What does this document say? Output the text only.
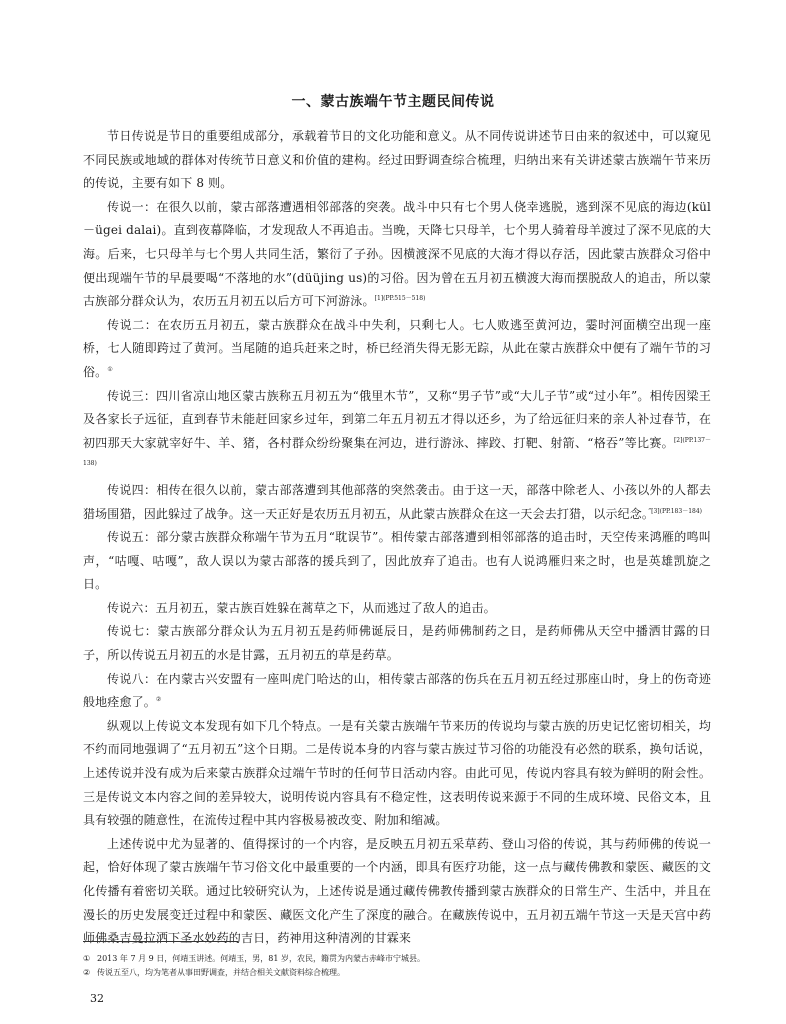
一、蒙古族端午节主题民间传说

节日传说是节日的重要组成部分，承载着节日的文化功能和意义。从不同传说讲述节日由来的叙述中，可以窥见不同民族或地域的群体对传统节日意义和价值的建构。经过田野调查综合梳理，归纳出来有关讲述蒙古族端午节来历的传说，主要有如下 8 则。

传说一：在很久以前，蒙古部落遭遇相邻部落的突袭。战斗中只有七个男人侥幸逃脱，逃到深不见底的海边(kül－ügei dalai)。直到夜幕降临，才发现敌人不再追击。当晚，天降七只母羊，七个男人骑着母羊渡过了深不见底的大海。后来，七只母羊与七个男人共同生活，繁衍了子孙。因横渡深不见底的大海才得以存活，因此蒙古族群众习俗中便出现端午节的早晨要喝“不落地的水”(düüjing us)的习俗。因为曾在五月初五横渡大海而摆脱敌人的追击，所以蒙古族部分群众认为，农历五月初五以后方可下河游泳。$^{[1](PP.515-518)}$

传说二：在农历五月初五，蒙古族群众在战斗中失利，只剩七人。七人败逃至黄河边，霎时河面横空出现一座桥，七人随即跨过了黄河。当尾随的追兵赶来之时，桥已经消失得无影无踪，从此在蒙古族群众中便有了端午节的习俗。①

传说三：四川省凉山地区蒙古族称五月初五为“俄里木节”，又称“男子节”或“大儿子节”或“过小年”。相传因梁王及各家长子远征，直到春节未能赶回家乡过年，到第二年五月初五才得以还乡，为了给远征归来的亲人补过春节，在初四那天大家就宰好牛、羊、猪，各村群众纷纷聚集在河边，进行游泳、摔跤、打靶、射箭、“格吞”等比赛。$^{[2](PP.137-138)}$

传说四：相传在很久以前，蒙古部落遭到其他部落的突然袭击。由于这一天，部落中除老人、小孩以外的人都去猎场围猎，因此躲过了战争。这一天正好是农历五月初五，从此蒙古族群众在这一天会去打猎，以示纪念。$^{”[3](PP.183-184)}$

传说五：部分蒙古族群众称端午节为五月“耽误节”。相传蒙古部落遭到相邻部落的追击时，天空传来鸿雁的鸣叫声，“咕嘎、咕嘎”，敌人误以为蒙古部落的援兵到了，因此放弃了追击。也有人说鸿雁归来之时，也是英雄凯旋之日。

传说六：五月初五，蒙古族百姓躲在蒿草之下，从而逃过了敌人的追击。

传说七：蒙古族部分群众认为五月初五是药师佛诞辰日，是药师佛制药之日，是药师佛从天空中播洒甘露的日子，所以传说五月初五的水是甘露，五月初五的草是药草。

传说八：在内蒙古兴安盟有一座叫虎门哈达的山，相传蒙古部落的伤兵在五月初五经过那座山时，身上的伤奇迹般地痊愈了。②

纵观以上传说文本发现有如下几个特点。一是有关蒙古族端午节来历的传说均与蒙古族的历史记忆密切相关，均不约而同地强调了“五月初五”这个日期。二是传说本身的内容与蒙古族过节习俗的功能没有必然的联系，换句话说，上述传说并没有成为后来蒙古族群众过端午节时的任何节日活动内容。由此可见，传说内容具有较为鲜明的附会性。三是传说文本内容之间的差异较大，说明传说内容具有不稳定性，这表明传说来源于不同的生成环境、民俗文本，且具有较强的随意性，在流传过程中其内容极易被改变、附加和缩减。

上述传说中尤为显著的、值得探讨的一个内容，是反映五月初五采草药、登山习俗的传说，其与药师佛的传说一起，恰好体现了蒙古族端午节习俗文化中最重要的一个内涵，即具有医疗功能，这一点与藏传佛教和蒙医、藏医的文化传播有着密切关联。通过比较研究认为，上述传说是通过藏传佛教传播到蒙古族群众的日常生产、生活中，并且在漫长的历史发展变迁过程中和蒙医、藏医文化产生了深度的融合。在藏族传说中，五月初五端午节这一天是天宫中药师佛桑吉曼拉洒下圣水妙药的吉日，药神用这种清冽的甘霖来

① 2013 年 7 月 9 日，何靖玉讲述。何靖玉，男，81 岁，农民，籍贯为内蒙古赤峰市宁城县。
② 传说五至八，均为笔者从事田野调查，并结合相关文献资料综合梳理。
32
